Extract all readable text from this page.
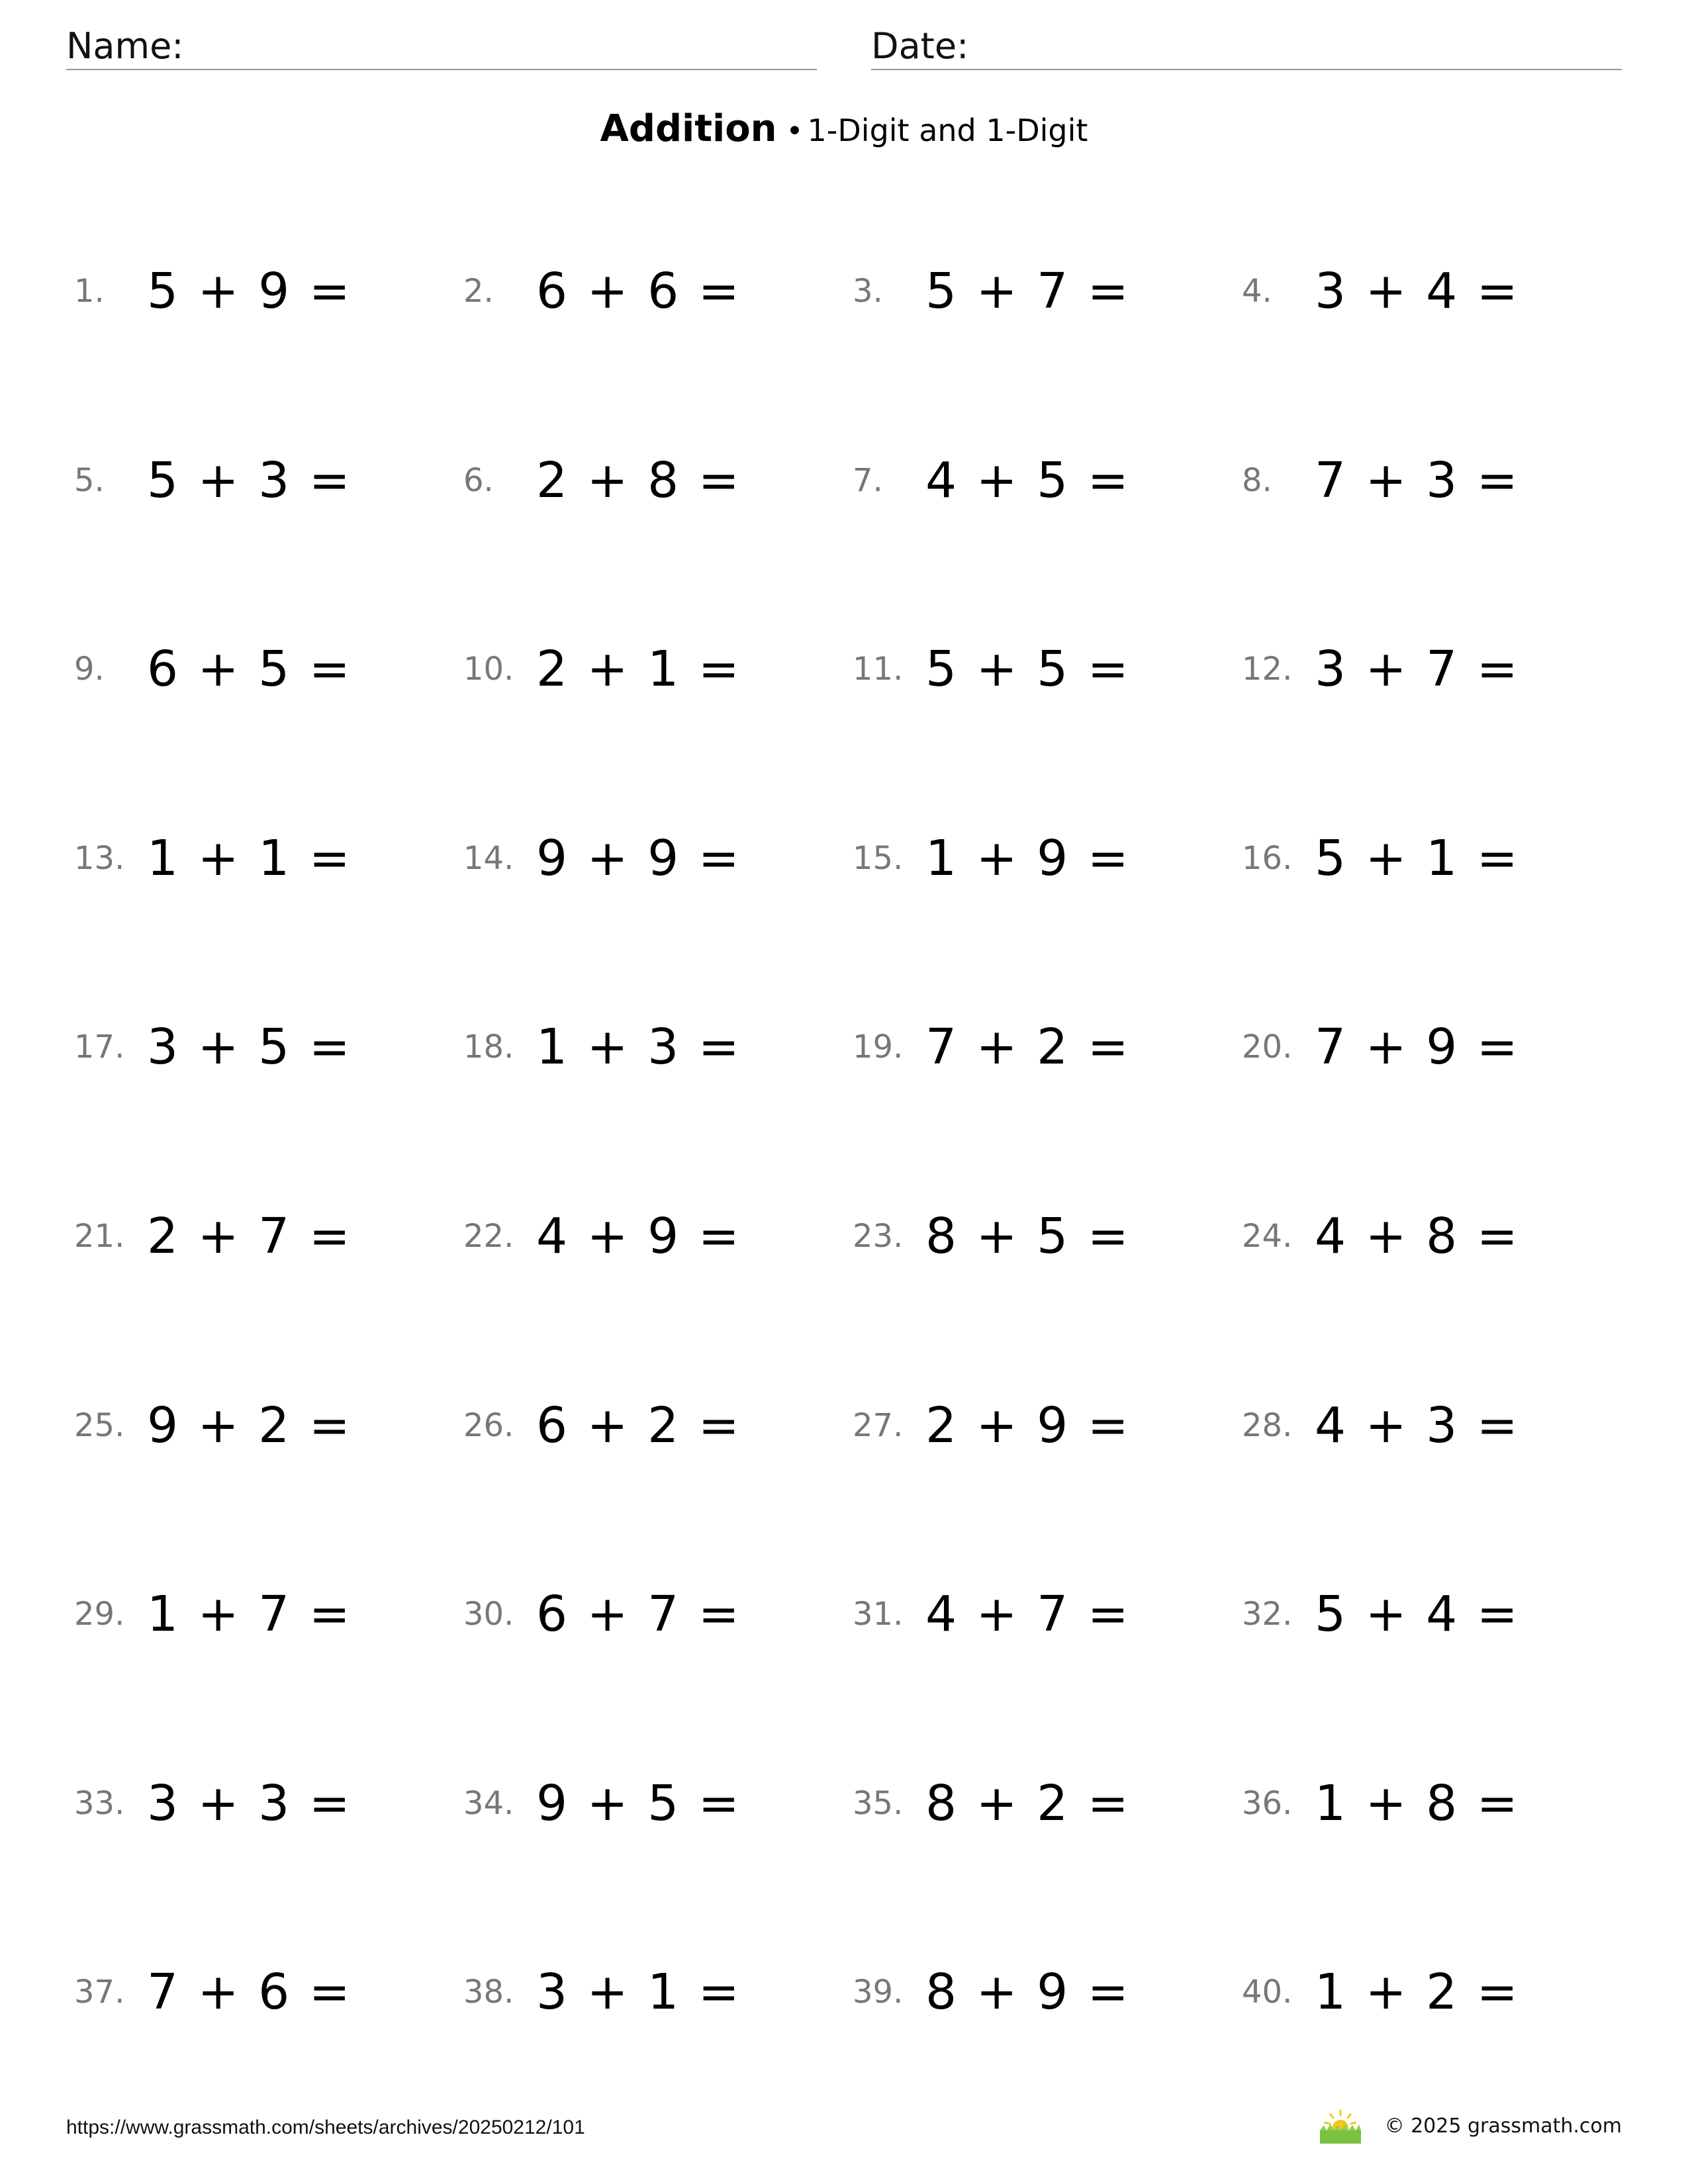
Name:	Date:
Addition • 1-Digit and 1-Digit
1. 5 + 9 =	2. 6 + 6 =	3. 5 + 7 =	4. 3 + 4 =
5. 5 + 3 =	6. 2 + 8 =	7. 4 + 5 =	8. 7 + 3 =
9. 6 + 5 =	10. 2 + 1 =	11. 5 + 5 =	12. 3 + 7 =
13. 1 + 1 =	14. 9 + 9 =	15. 1 + 9 =	16. 5 + 1 =
17. 3 + 5 =	18. 1 + 3 =	19. 7 + 2 =	20. 7 + 9 =
21. 2 + 7 =	22. 4 + 9 =	23. 8 + 5 =	24. 4 + 8 =
25. 9 + 2 =	26. 6 + 2 =	27. 2 + 9 =	28. 4 + 3 =
29. 1 + 7 =	30. 6 + 7 =	31. 4 + 7 =	32. 5 + 4 =
33. 3 + 3 =	34. 9 + 5 =	35. 8 + 2 =	36. 1 + 8 =
37. 7 + 6 =	38. 3 + 1 =	39. 8 + 9 =	40. 1 + 2 =
https://www.grassmath.com/sheets/archives/20250212/101	© 2025 grassmath.com
